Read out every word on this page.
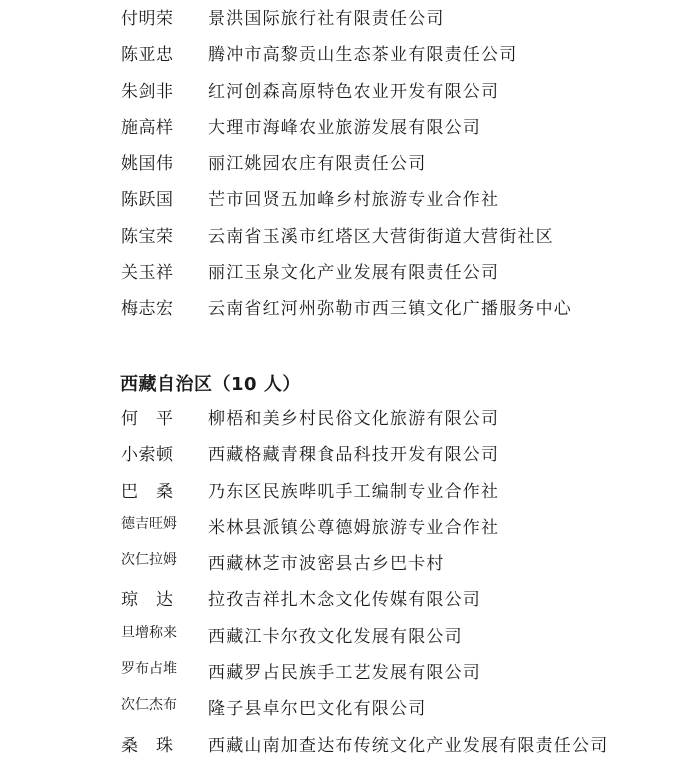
付明荣 景洪国际旅行社有限责任公司
陈亚忠 腾冲市高黎贡山生态茶业有限责任公司
朱剑非 红河创森高原特色农业开发有限公司
施高样 大理市海峰农业旅游发展有限公司
姚国伟 丽江姚园农庄有限责任公司
陈跃国 芒市回贤五加峰乡村旅游专业合作社
陈宝荣 云南省玉溪市红塔区大营街街道大营街社区
关玉祥 丽江玉泉文化产业发展有限责任公司
梅志宏 云南省红河州弥勒市西三镇文化广播服务中心
西藏自治区（10 人）
何　平 柳梧和美乡村民俗文化旅游有限公司
小索顿 西藏格藏青稞食品科技开发有限公司
巴　桑 乃东区民族哔叽手工编制专业合作社
德吉旺姆 米林县派镇公尊德姆旅游专业合作社
次仁拉姆 西藏林芝市波密县古乡巴卡村
琼　达 拉孜吉祥扎木念文化传媒有限公司
旦增称来 西藏江卡尔孜文化发展有限公司
罗布占堆 西藏罗占民族手工艺发展有限公司
次仁杰布 隆子县卓尔巴文化有限公司
桑　珠 西藏山南加查达布传统文化产业发展有限责任公司
